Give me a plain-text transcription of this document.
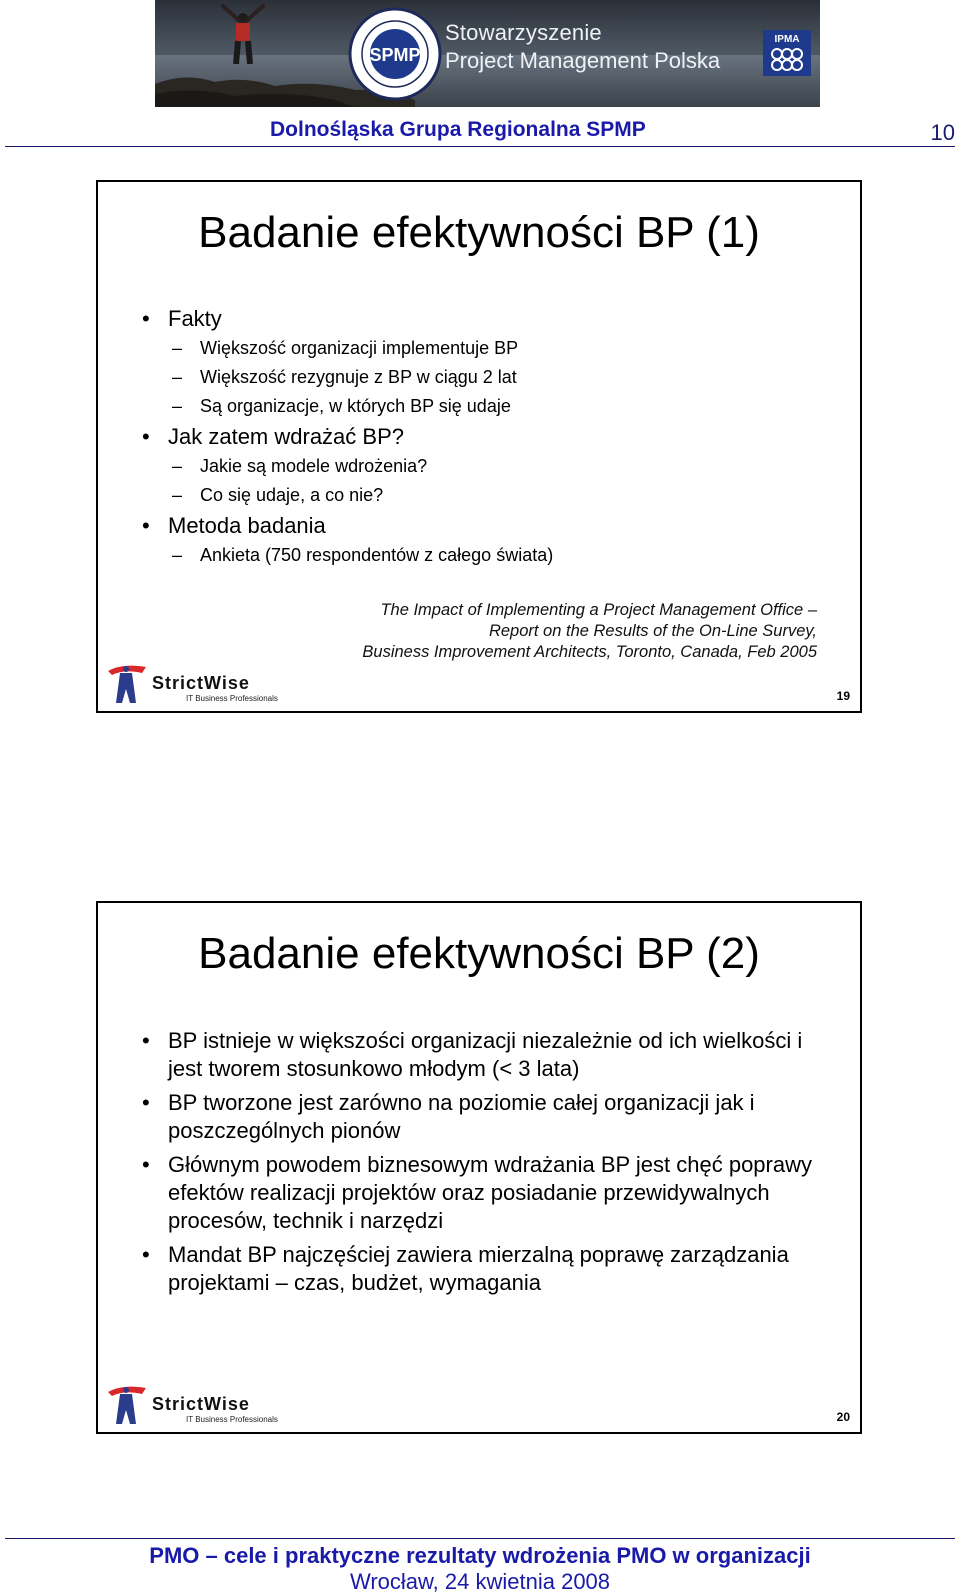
SPMP
Stowarzyszenie
Project Management Polska
IPMA
Dolnośląska Grupa Regionalna SPMP	10
Badanie efektywności BP (1)
• Fakty
– Większość organizacji implementuje BP
– Większość rezygnuje z BP w ciągu 2 lat
– Są organizacje, w których BP się udaje
• Jak zatem wdrażać BP?
– Jakie są modele wdrożenia?
– Co się udaje, a co nie?
• Metoda badania
– Ankieta (750 respondentów z całego świata)
The Impact of Implementing a Project Management Office –
Report on the Results of the On-Line Survey,
Business Improvement Architects, Toronto, Canada, Feb 2005
StrictWise
IT Business Professionals	19
Badanie efektywności BP (2)
• BP istnieje w większości organizacji niezależnie od ich wielkości i jest tworem stosunkowo młodym (< 3 lata)
• BP tworzone jest zarówno na poziomie całej organizacji jak i poszczególnych pionów
• Głównym powodem biznesowym wdrażania BP jest chęć poprawy efektów realizacji projektów oraz posiadanie przewidywalnych procesów, technik i narzędzi
• Mandat BP najczęściej zawiera mierzalną poprawę zarządzania projektami – czas, budżet, wymagania
StrictWise
IT Business Professionals	20
PMO – cele i praktyczne rezultaty wdrożenia PMO w organizacji
Wrocław, 24 kwietnia 2008
